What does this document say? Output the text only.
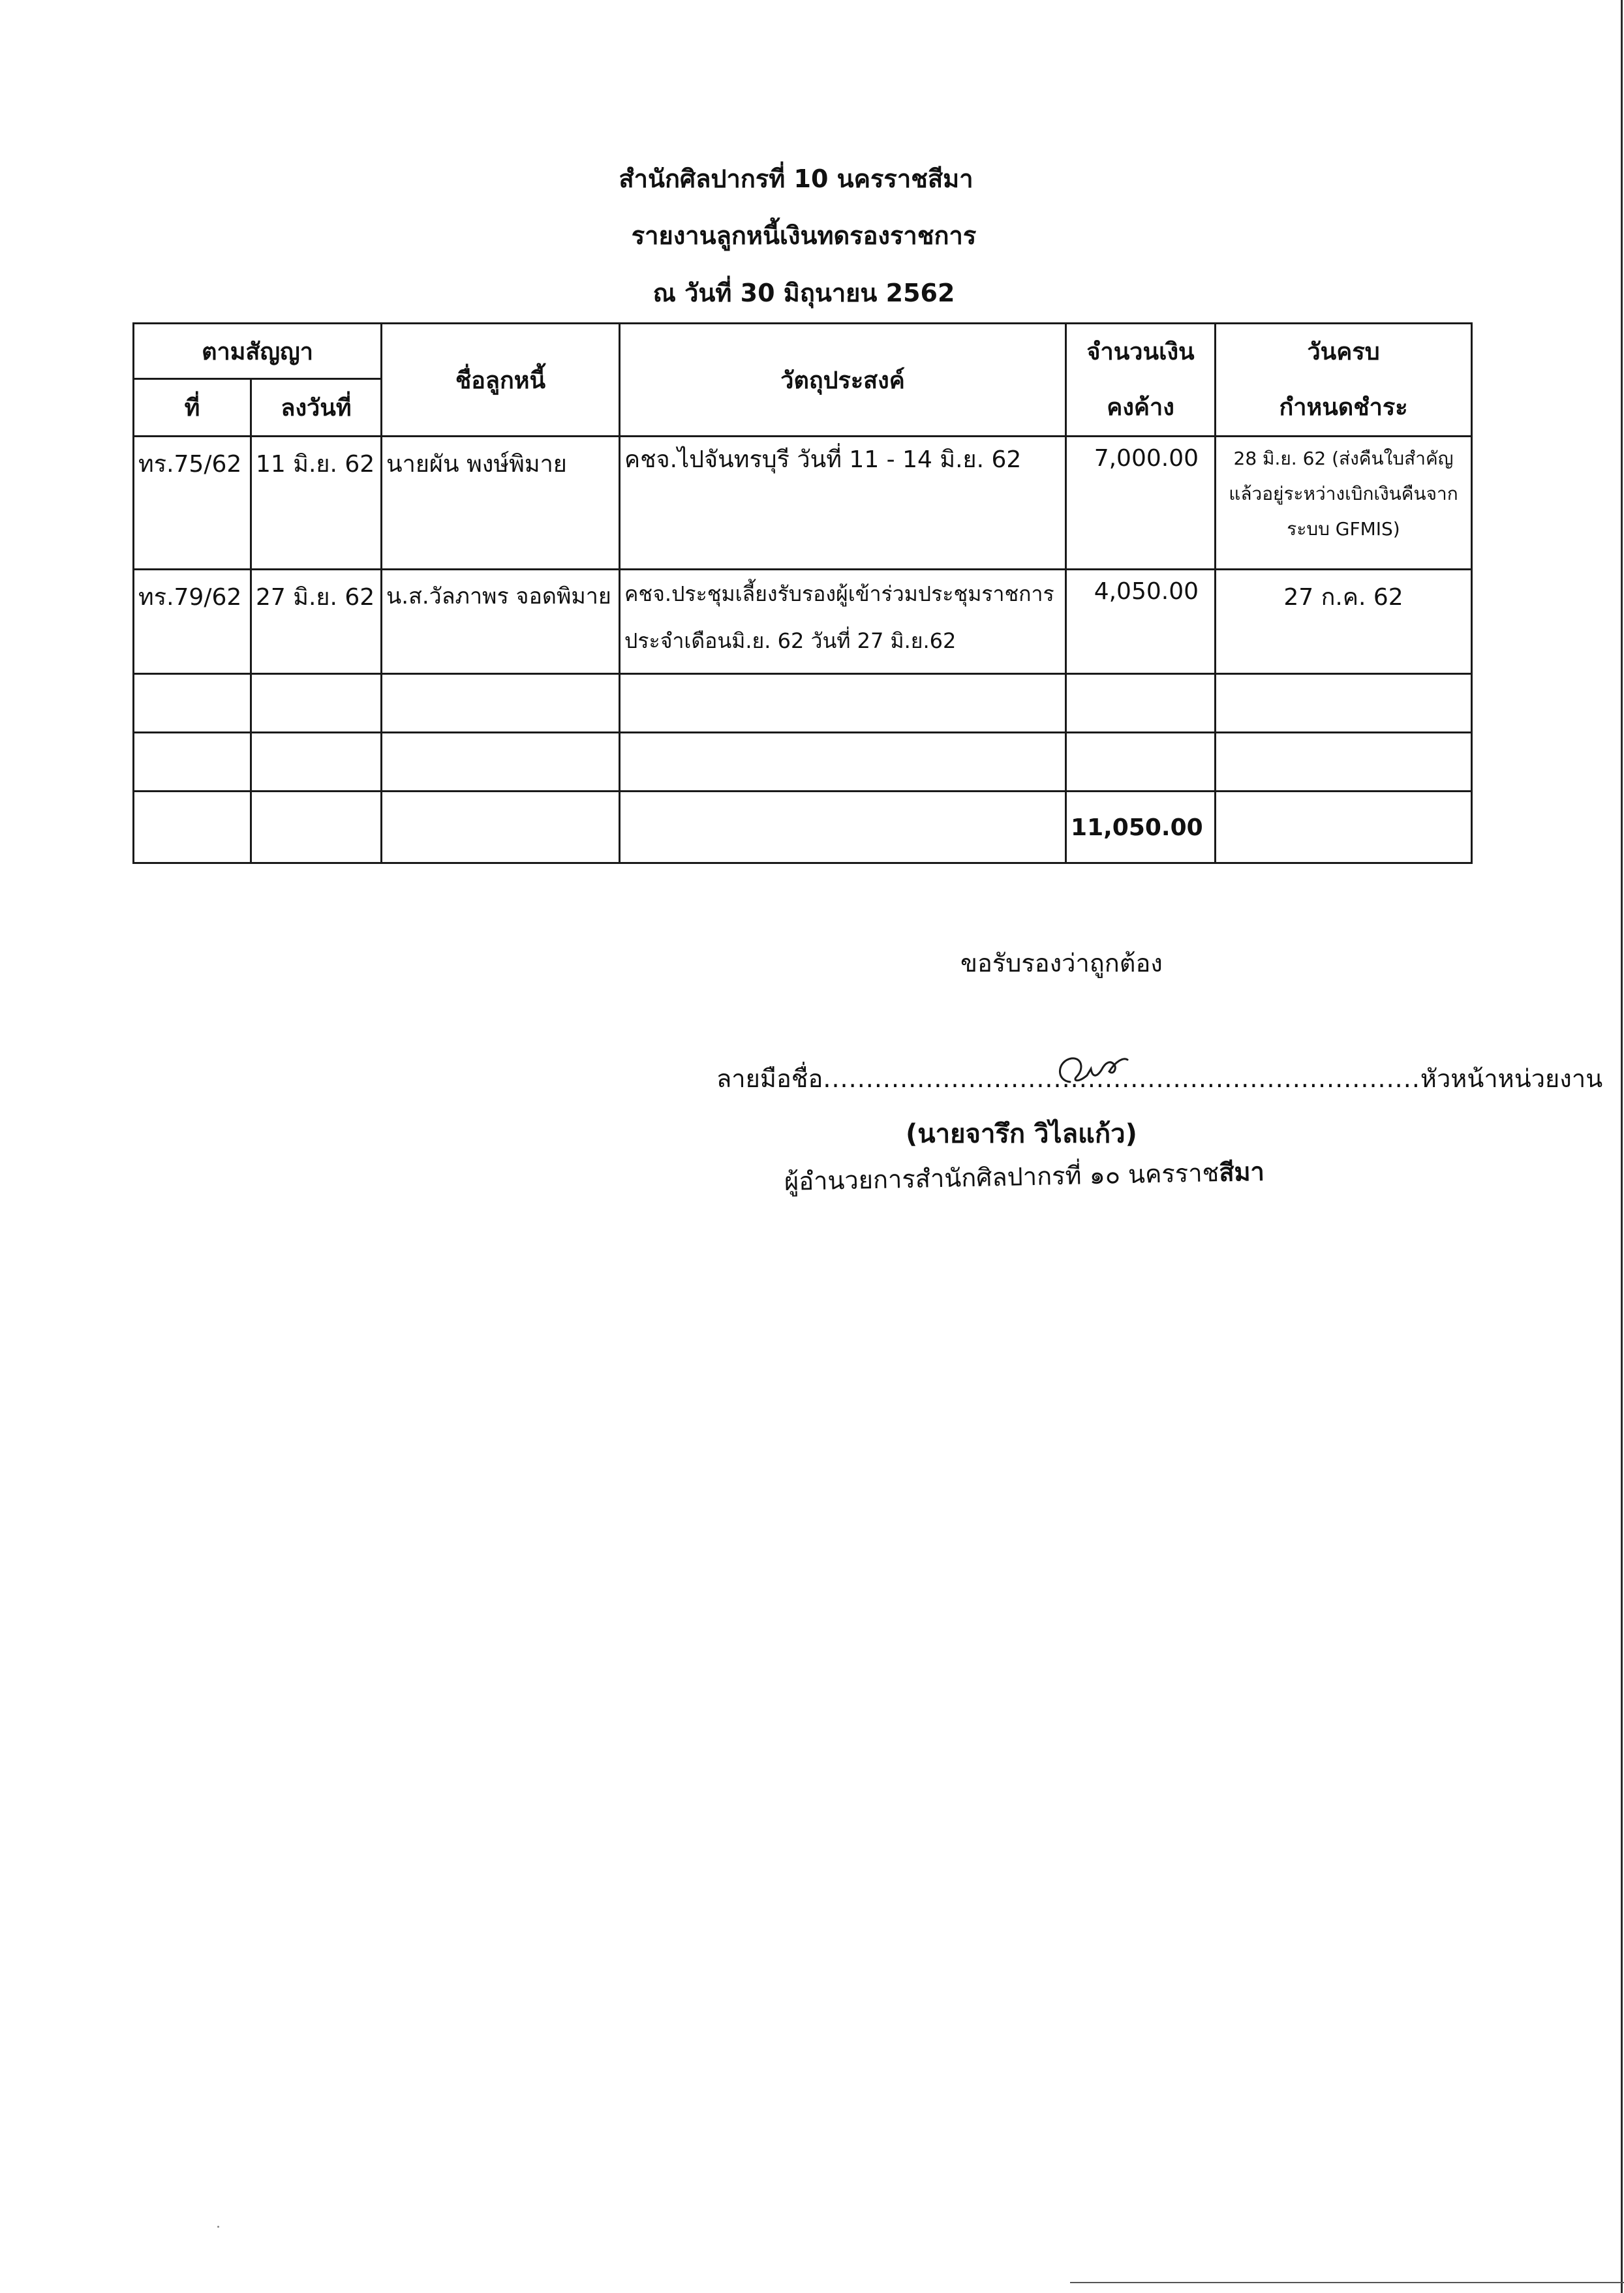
สำนักศิลปากรที่ 10 นครราชสีมา
รายงานลูกหนี้เงินทดรองราชการ
ณ วันที่ 30 มิถุนายน 2562
ตามสัญญา		ชื่อลูกหนี้	วัตถุประสงค์	จำนวนเงิน	วันครบ
ที่	ลงวันที่			คงค้าง	กำหนดชำระ

ทร.75/62	11 มิ.ย. 62	นายผัน พงษ์พิมาย	คชจ.ไปจันทรบุรี วันที่ 11 - 14 มิ.ย. 62	7,000.00	28 มิ.ย. 62 (ส่งคืนใบสำคัญแล้วอยู่ระหว่างเบิกเงินคืนจากระบบ GFMIS)

ทร.79/62	27 มิ.ย. 62	น.ส.วัลภาพร จอดพิมาย	คชจ.ประชุมเลี้ยงรับรองผู้เข้าร่วมประชุมราชการประจำเดือนมิ.ย. 62 วันที่ 27 มิ.ย.62	4,050.00	27 ก.ค. 62

				11,050.00	

ขอรับรองว่าถูกต้อง
ลายมือชื่อ......................................................................หัวหน้าหน่วยงาน
(นายจารึก วิไลแก้ว)
ผู้อำนวยการสำนักศิลปากรที่ ๑๐ นครราชสีมา
